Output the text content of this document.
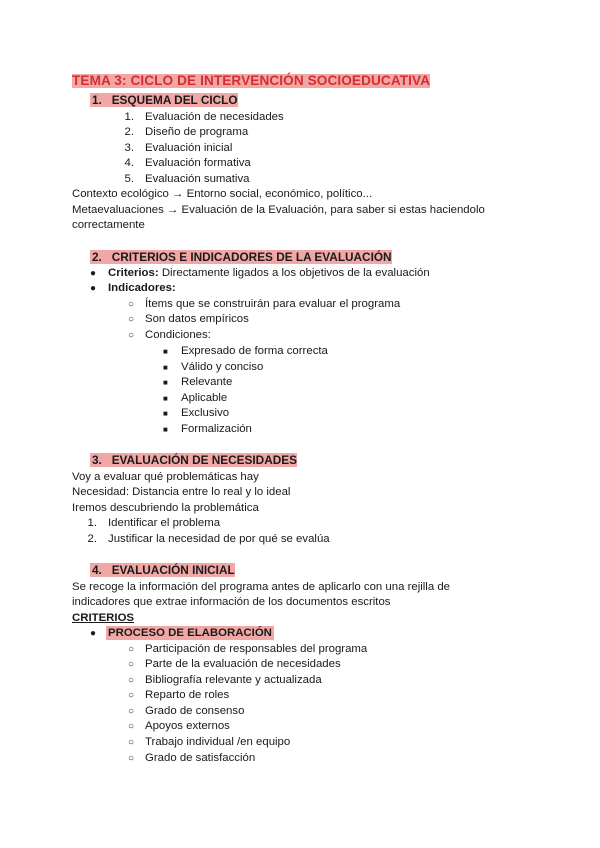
TEMA 3: CICLO DE INTERVENCIÓN SOCIOEDUCATIVA
1. ESQUEMA DEL CICLO
1. Evaluación de necesidades
2. Diseño de programa
3. Evaluación inicial
4. Evaluación formativa
5. Evaluación sumativa
Contexto ecológico → Entorno social, económico, político...
Metaevaluaciones → Evaluación de la Evaluación, para saber si estas haciendolo
correctamente
2. CRITERIOS E INDICADORES DE LA EVALUACIÓN
● Criterios: Directamente ligados a los objetivos de la evaluación
● Indicadores:
○ Ítems que se construirán para evaluar el programa
○ Son datos empíricos
○ Condiciones:
■ Expresado de forma correcta
■ Válido y conciso
■ Relevante
■ Aplicable
■ Exclusivo
■ Formalización
3. EVALUACIÓN DE NECESIDADES
Voy a evaluar qué problemáticas hay
Necesidad: Distancia entre lo real y lo ideal
Iremos descubriendo la problemática
1. Identificar el problema
2. Justificar la necesidad de por qué se evalúa
4. EVALUACIÓN INICIAL
Se recoge la información del programa antes de aplicarlo con una rejilla de
indicadores que extrae información de los documentos escritos
CRITERIOS
● PROCESO DE ELABORACIÓN
○ Participación de responsables del programa
○ Parte de la evaluación de necesidades
○ Bibliografía relevante y actualizada
○ Reparto de roles
○ Grado de consenso
○ Apoyos externos
○ Trabajo individual /en equipo
○ Grado de satisfacción
